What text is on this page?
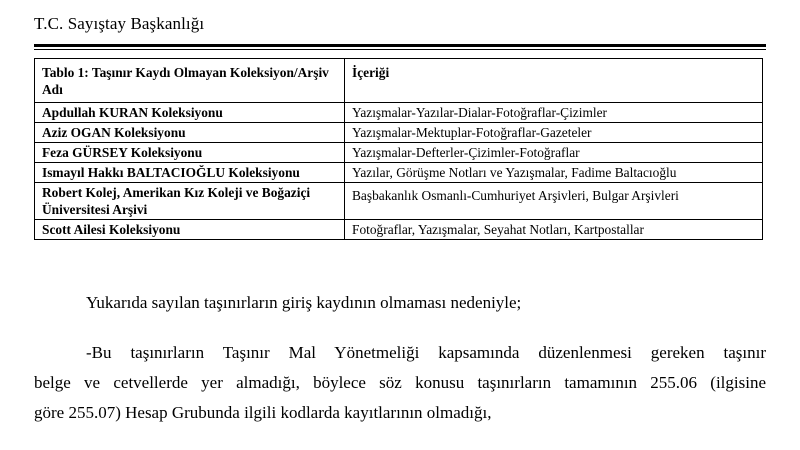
T.C. Sayıştay Başkanlığı
Tablo 1: Taşınır Kaydı Olmayan Koleksiyon/Arşiv Adı	İçeriği
Apdullah KURAN Koleksiyonu	Yazışmalar-Yazılar-Dialar-Fotoğraflar-Çizimler
Aziz OGAN Koleksiyonu	Yazışmalar-Mektuplar-Fotoğraflar-Gazeteler
Feza GÜRSEY Koleksiyonu	Yazışmalar-Defterler-Çizimler-Fotoğraflar
Ismayıl Hakkı BALTACIOĞLU Koleksiyonu	Yazılar, Görüşme Notları ve Yazışmalar, Fadime Baltacıoğlu
Robert Kolej, Amerikan Kız Koleji ve Boğaziçi Üniversitesi Arşivi	Başbakanlık Osmanlı-Cumhuriyet Arşivleri, Bulgar Arşivleri
Scott Ailesi Koleksiyonu	Fotoğraflar, Yazışmalar, Seyahat Notları, Kartpostallar
Yukarıda sayılan taşınırların giriş kaydının olmaması nedeniyle;
-Bu taşınırların Taşınır Mal Yönetmeliği kapsamında düzenlenmesi gereken taşınır
belge ve cetvellerde yer almadığı, böylece söz konusu taşınırların tamamının 255.06 (ilgisine
göre 255.07) Hesap Grubunda ilgili kodlarda kayıtlarının olmadığı,
